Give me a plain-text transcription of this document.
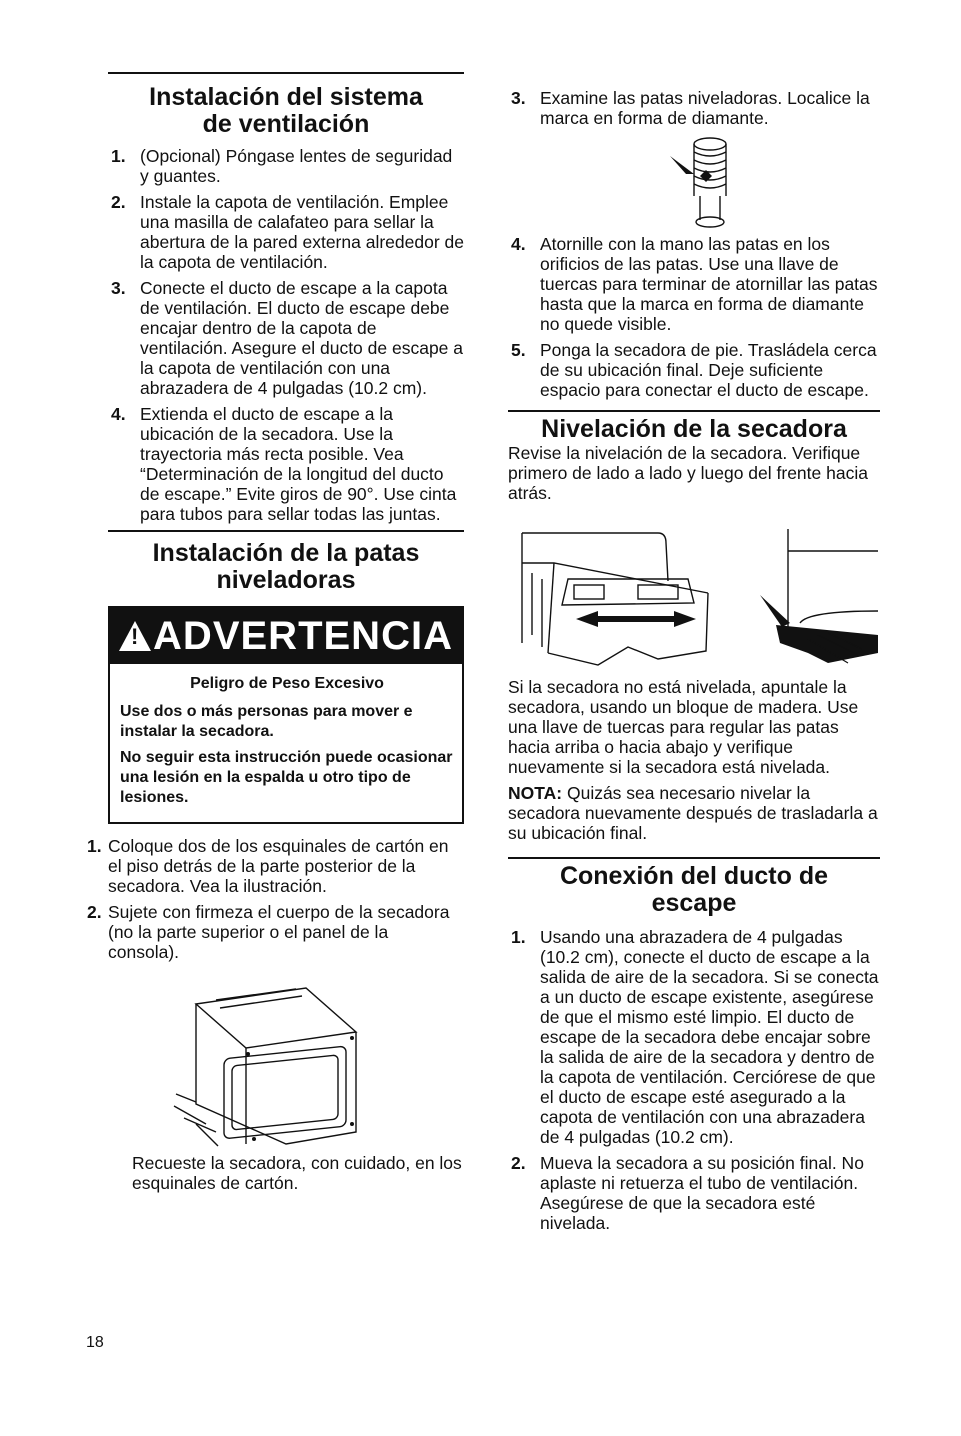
Instalación del sistema
de ventilación
1. (Opcional) Póngase lentes de seguridad y guantes.
2. Instale la capota de ventilación. Emplee una masilla de calafateo para sellar la abertura de la pared externa alrededor de la capota de ventilación.
3. Conecte el ducto de escape a la capota de ventilación. El ducto de escape debe encajar dentro de la capota de ventilación. Asegure el ducto de escape a la capota de ventilación con una abrazadera de 4 pulgadas (10.2 cm).
4. Extienda el ducto de escape a la ubicación de la secadora. Use la trayectoria más recta posible. Vea “Determinación de la longitud del ducto de escape.” Evite giros de 90°. Use cinta para tubos para sellar todas las juntas.
Instalación de la patas
niveladoras
!ADVERTENCIA
Peligro de Peso Excesivo

Use dos o más personas para mover e instalar la secadora.

No seguir esta instrucción puede ocasionar una lesión en la espalda u otro tipo de lesiones.

1. Coloque dos de los esquinales de cartón en el piso detrás de la parte posterior de la secadora. Vea la ilustración.
2. Sujete con firmeza el cuerpo de la secadora (no la parte superior o el panel de la consola).
Recueste la secadora, con cuidado, en los esquinales de cartón.
18
3. Examine las patas niveladoras. Localice la marca en forma de diamante.
4. Atornille con la mano las patas en los orificios de las patas. Use una llave de tuercas para terminar de atornillar las patas hasta que la marca en forma de diamante no quede visible.
5. Ponga la secadora de pie. Trasládela cerca de su ubicación final. Deje suficiente espacio para conectar el ducto de escape.
Nivelación de la secadora

Revise la nivelación de la secadora. Verifique primero de lado a lado y luego del frente hacia atrás.

Si la secadora no está nivelada, apuntale la secadora, usando un bloque de madera. Use una llave de tuercas para regular las patas hacia arriba o hacia abajo y verifique nuevamente si la secadora está nivelada.

NOTA: Quizás sea necesario nivelar la secadora nuevamente después de trasladarla a su ubicación final.

Conexión del ducto de
escape
1. Usando una abrazadera de 4 pulgadas (10.2 cm), conecte el ducto de escape a la salida de aire de la secadora. Si se conecta a un ducto de escape existente, asegúrese de que el mismo esté limpio. El ducto de escape de la secadora debe encajar sobre la salida de aire de la secadora y dentro de la capota de ventilación. Cerciórese de que el ducto de escape esté asegurado a la capota de ventilación con una abrazadera de 4 pulgadas (10.2 cm).
2. Mueva la secadora a su posición final. No aplaste ni retuerza el tubo de ventilación. Asegúrese de que la secadora esté nivelada.
